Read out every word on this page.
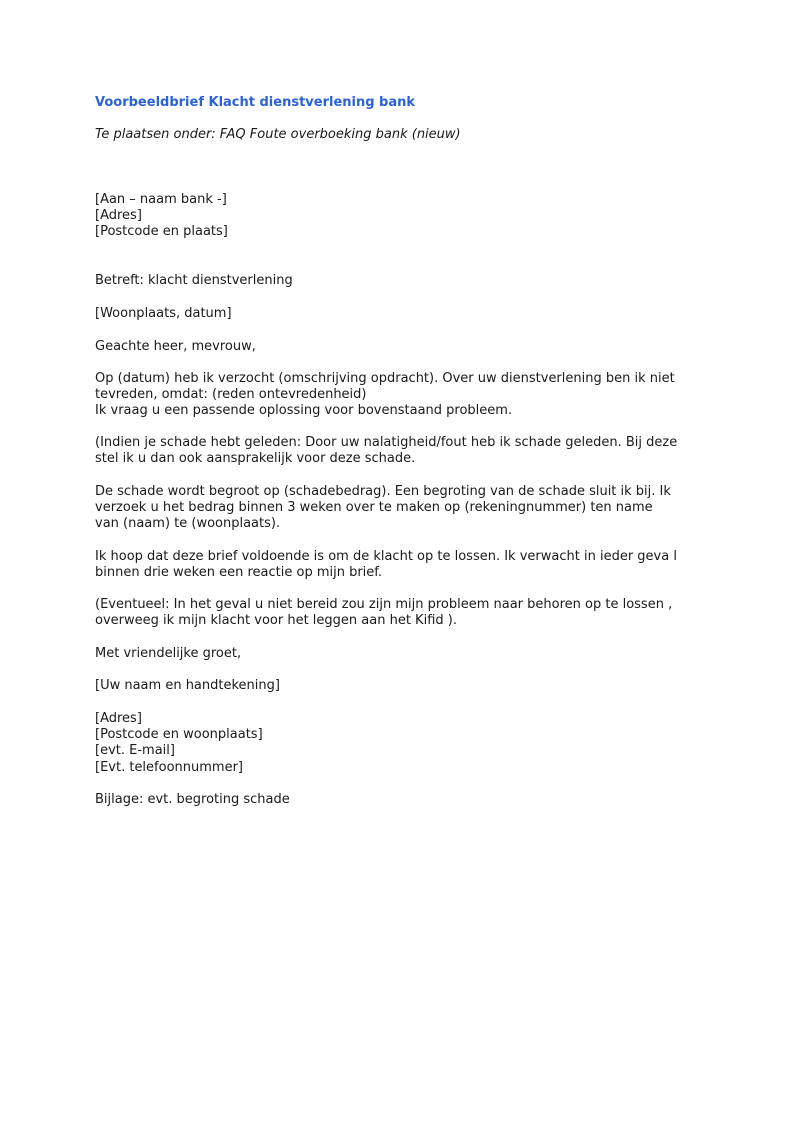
Voorbeeldbrief Klacht dienstverlening bank
Te plaatsen onder: FAQ Foute overboeking bank (nieuw)
[Aan – naam bank -]
[Adres]
[Postcode en plaats]
Betreft: klacht dienstverlening
[Woonplaats, datum]
Geachte heer, mevrouw,
Op (datum) heb ik verzocht (omschrijving opdracht). Over uw dienstverlening ben ik niet
tevreden, omdat: (reden ontevredenheid)
Ik vraag u een passende oplossing voor bovenstaand probleem.
(Indien je schade hebt geleden: Door uw nalatigheid/fout heb ik schade geleden. Bij deze
stel ik u dan ook aansprakelijk voor deze schade.
De schade wordt begroot op (schadebedrag). Een begroting van de schade sluit ik bij. Ik
verzoek u het bedrag binnen 3 weken over te maken op (rekeningnummer) ten name
van (naam) te (woonplaats).
Ik hoop dat deze brief voldoende is om de klacht op te lossen. Ik verwacht in ieder geva l
binnen drie weken een reactie op mijn brief.
(Eventueel: In het geval u niet bereid zou zijn mijn probleem naar behoren op te lossen ,
overweeg ik mijn klacht voor het leggen aan het Kifid ).
Met vriendelijke groet,
[Uw naam en handtekening]
[Adres]
[Postcode en woonplaats]
[evt. E-mail]
[Evt. telefoonnummer]
Bijlage: evt. begroting schade
